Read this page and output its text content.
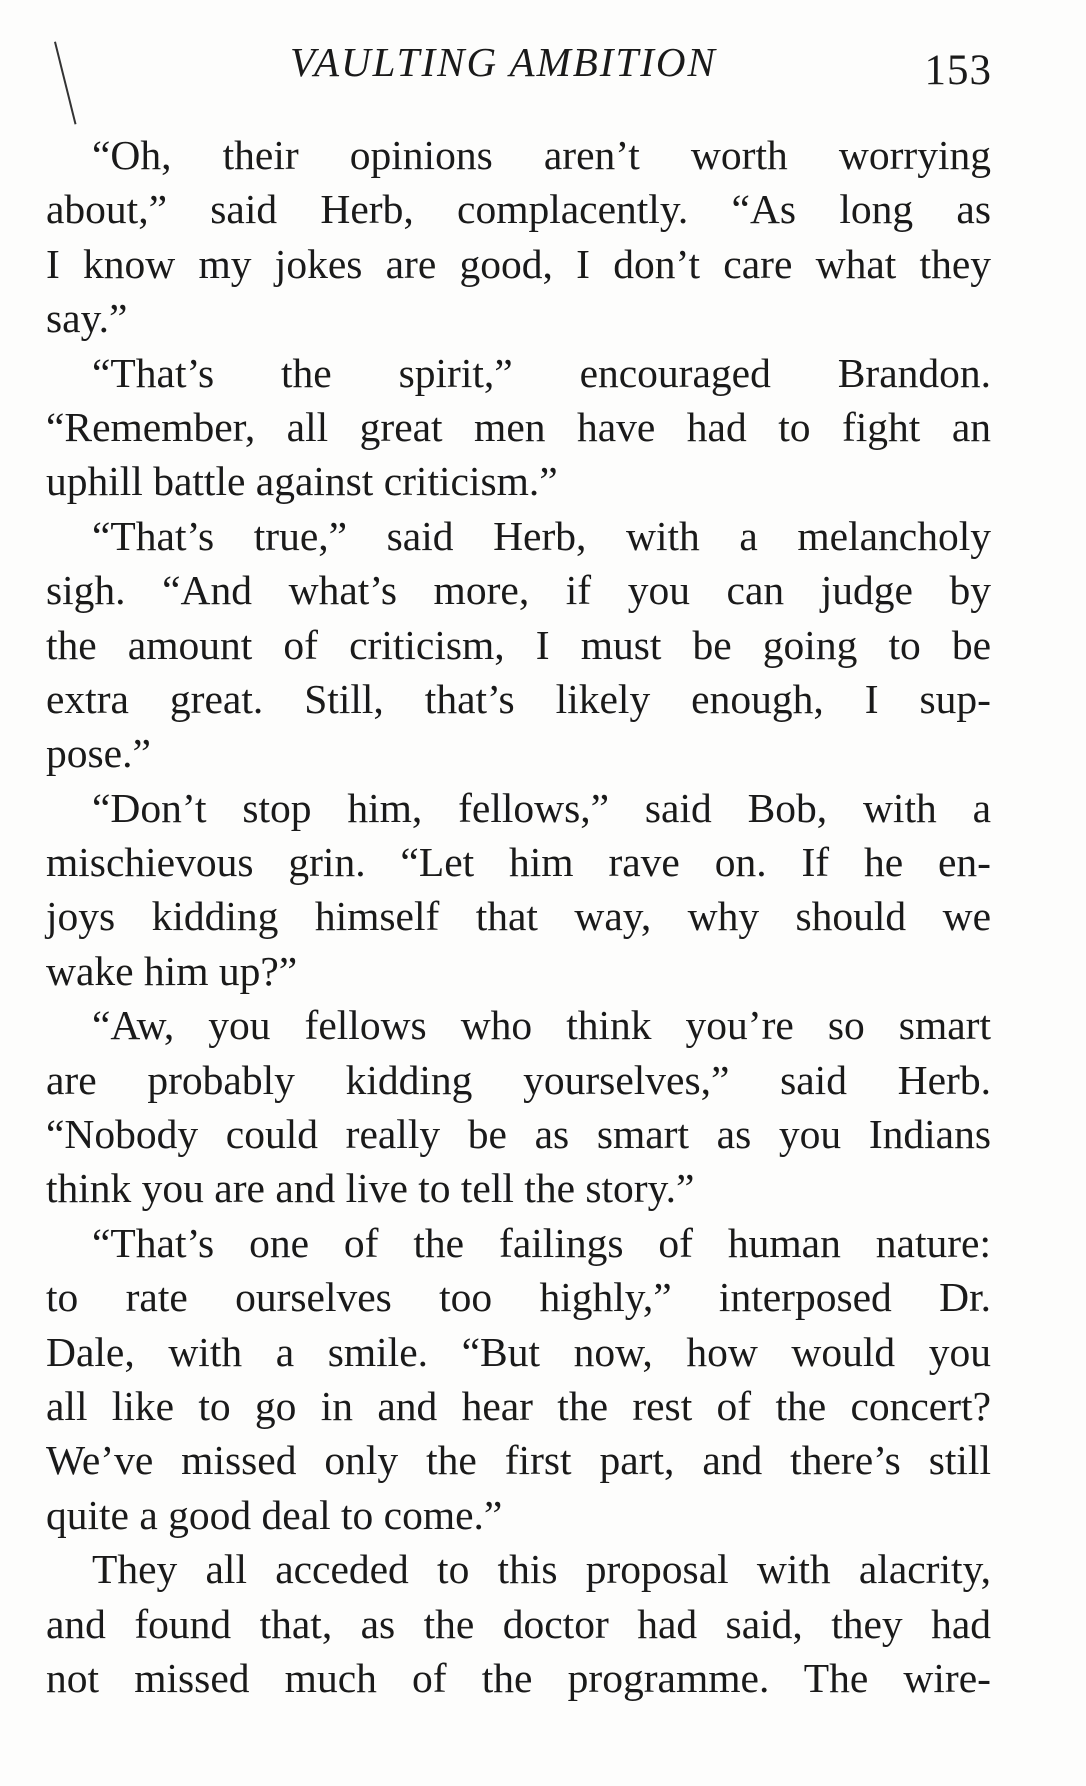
VAULTING AMBITION	153
“Oh, their opinions aren’t worth worrying
about,” said Herb, complacently. “As long as
I know my jokes are good, I don’t care what they
say.”
“That’s the spirit,” encouraged Brandon.
“Remember, all great men have had to fight an
uphill battle against criticism.”
“That’s true,” said Herb, with a melancholy
sigh. “And what’s more, if you can judge by
the amount of criticism, I must be going to be
extra great. Still, that’s likely enough, I sup-
pose.”
“Don’t stop him, fellows,” said Bob, with a
mischievous grin. “Let him rave on. If he en-
joys kidding himself that way, why should we
wake him up?”
“Aw, you fellows who think you’re so smart
are probably kidding yourselves,” said Herb.
“Nobody could really be as smart as you Indians
think you are and live to tell the story.”
“That’s one of the failings of human nature:
to rate ourselves too highly,” interposed Dr.
Dale, with a smile. “But now, how would you
all like to go in and hear the rest of the concert?
We’ve missed only the first part, and there’s still
quite a good deal to come.”
They all acceded to this proposal with alacrity,
and found that, as the doctor had said, they had
not missed much of the programme. The wire-
